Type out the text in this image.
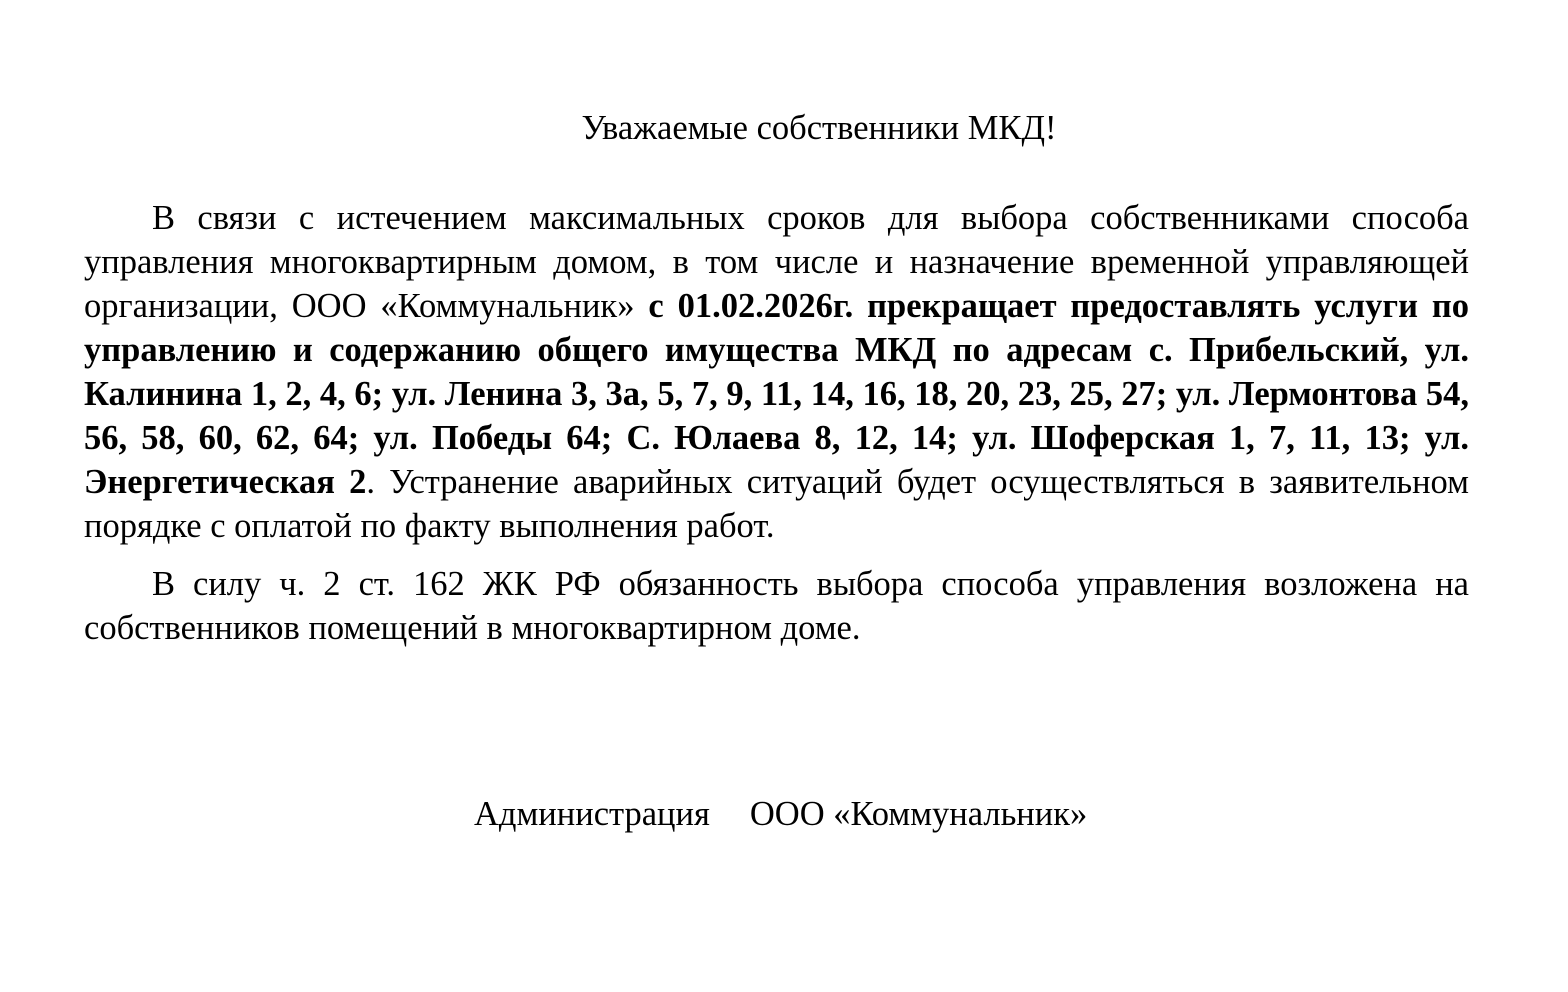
Уважаемые собственники МКД!

В связи с истечением максимальных сроков для выбора собственниками способа управления многоквартирным домом, в том числе и назначение временной управляющей организации, ООО «Коммунальник» с 01.02.2026г. прекращает предоставлять услуги по управлению и содержанию общего имущества МКД по адресам с. Прибельский, ул. Калинина 1, 2, 4, 6; ул. Ленина 3, 3а, 5, 7, 9, 11, 14, 16, 18, 20, 23, 25, 27; ул. Лермонтова 54, 56, 58, 60, 62, 64; ул. Победы 64; С. Юлаева 8, 12, 14; ул. Шоферская 1, 7, 11, 13; ул. Энергетическая 2. Устранение аварийных ситуаций будет осуществляться в заявительном порядке с оплатой по факту выполнения работ.

В силу ч. 2 ст. 162 ЖК РФ обязанность выбора способа управления возложена на собственников помещений в многоквартирном доме.

Администрация ООО «Коммунальник»
